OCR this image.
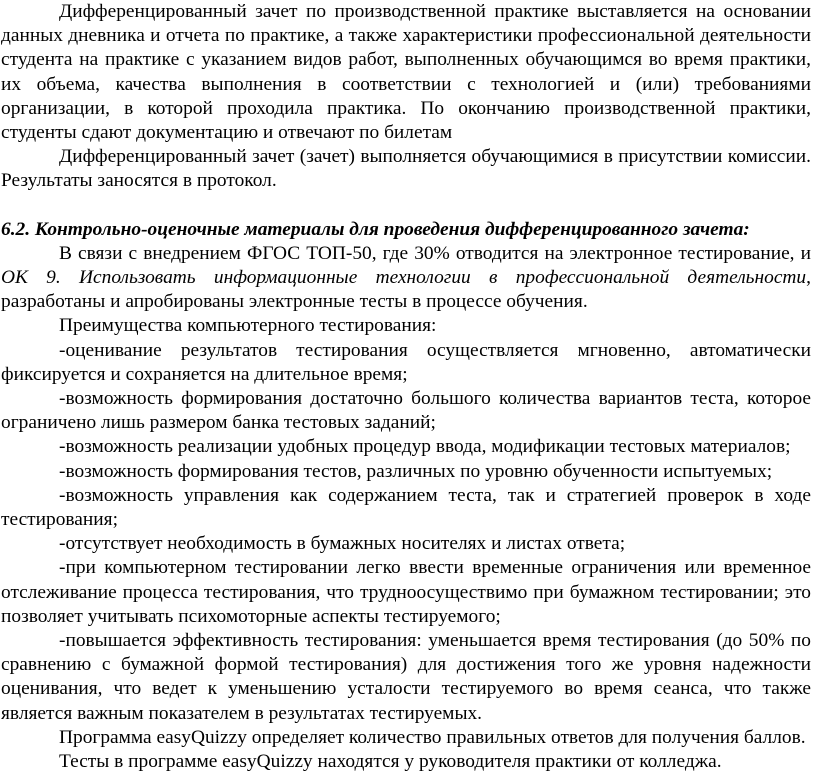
Дифференцированный зачет по производственной практике выставляется на основании данных дневника и отчета по практике, а также характеристики профессиональной деятельности студента на практике с указанием видов работ, выполненных обучающимся во время практики, их объема, качества выполнения в соответствии с технологией и (или) требованиями организации, в которой проходила практика. По окончанию производственной практики, студенты сдают документацию и отвечают по билетам

Дифференцированный зачет (зачет) выполняется обучающимися в присутствии комиссии. Результаты заносятся в протокол.

6.2. Контрольно-оценочные материалы для проведения дифференцированного зачета:

В связи с внедрением ФГОС ТОП-50, где 30% отводится на электронное тестирование, и ОК 9. Использовать информационные технологии в профессиональной деятельности, разработаны и апробированы электронные тесты в процессе обучения.

Преимущества компьютерного тестирования:

-оценивание результатов тестирования осуществляется мгновенно, автоматически фиксируется и сохраняется на длительное время;

-возможность формирования достаточно большого количества вариантов теста, которое ограничено лишь размером банка тестовых заданий;

-возможность реализации удобных процедур ввода, модификации тестовых материалов;

-возможность формирования тестов, различных по уровню обученности испытуемых;

-возможность управления как содержанием теста, так и стратегией проверок в ходе тестирования;

-отсутствует необходимость в бумажных носителях и листах ответа;

-при компьютерном тестировании легко ввести временные ограничения или временное отслеживание процесса тестирования, что трудноосуществимо при бумажном тестировании; это позволяет учитывать психомоторные аспекты тестируемого;

-повышается эффективность тестирования: уменьшается время тестирования (до 50% по сравнению с бумажной формой тестирования) для достижения того же уровня надежности оценивания, что ведет к уменьшению усталости тестируемого во время сеанса, что также является важным показателем в результатах тестируемых.

Программа easyQuizzy определяет количество правильных ответов для получения баллов.

Тесты в программе easyQuizzy находятся у руководителя практики от колледжа.
